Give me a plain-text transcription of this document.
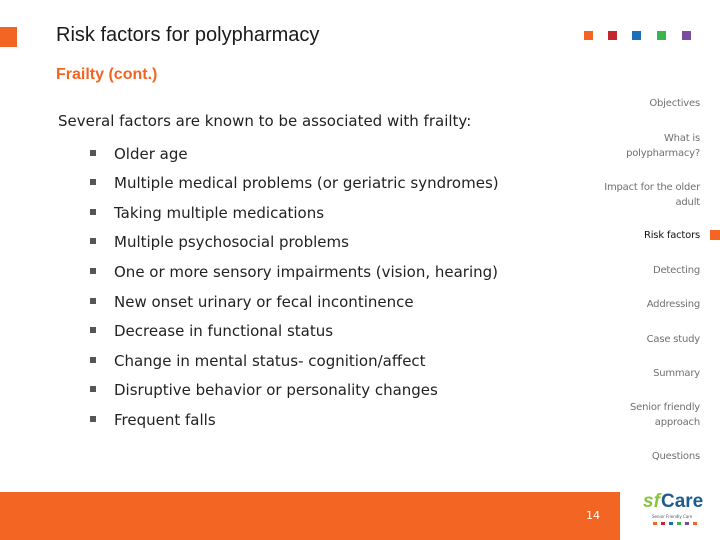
Risk factors for polypharmacy
Frailty (cont.)
Several factors are known to be associated with frailty:
Older age
Multiple medical problems (or geriatric syndromes)
Taking multiple medications
Multiple psychosocial problems
One or more sensory impairments (vision, hearing)
New onset urinary or fecal incontinence
Decrease in functional status
Change in mental status- cognition/affect
Disruptive behavior or personality changes
Frequent falls
Objectives
What is
polypharmacy?
Impact for the older
adult
Risk factors
Detecting
Addressing
Case study
Summary
Senior friendly
approach
Questions
14
sf Care
Senior Friendly Care
